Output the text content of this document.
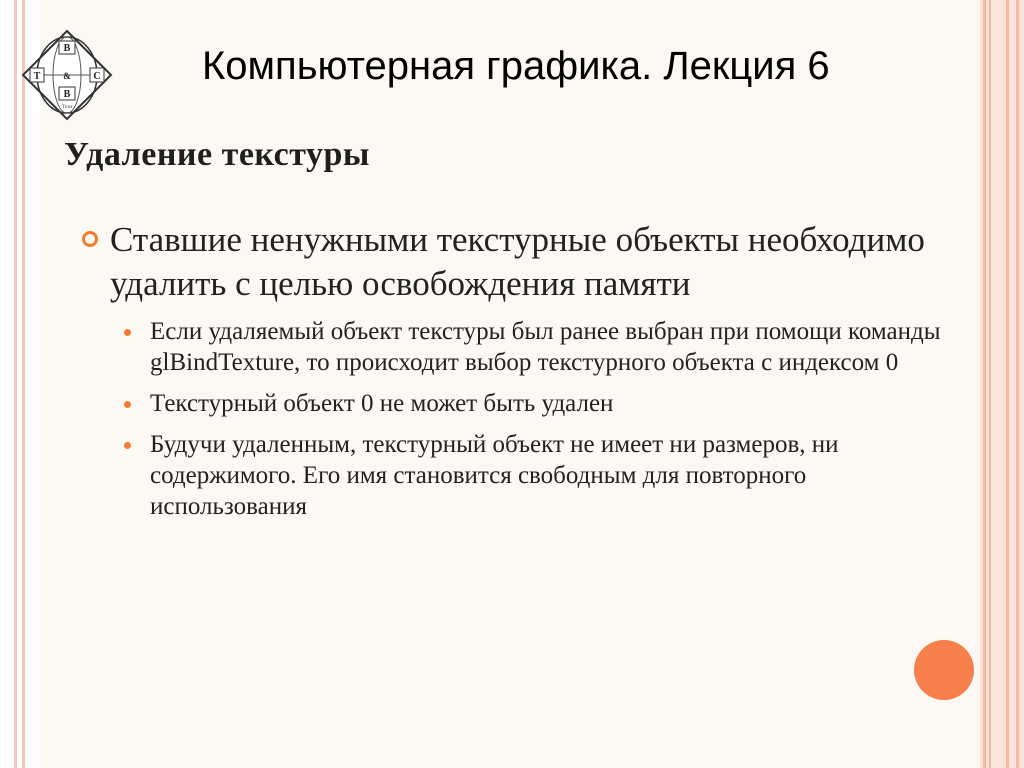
B
T	C
&
B
Trust
Компьютерная графика. Лекция 6
Удаление текстуры
Ставшие ненужными текстурные объекты необходимо удалить с целью освобождения памяти
Если удаляемый объект текстуры был ранее выбран при помощи команды glBindTexture, то происходит выбор текстурного объекта с индексом 0
Текстурный объект 0 не может быть удален
Будучи удаленным, текстурный объект не имеет ни размеров, ни содержимого. Его имя становится свободным для повторного использования
